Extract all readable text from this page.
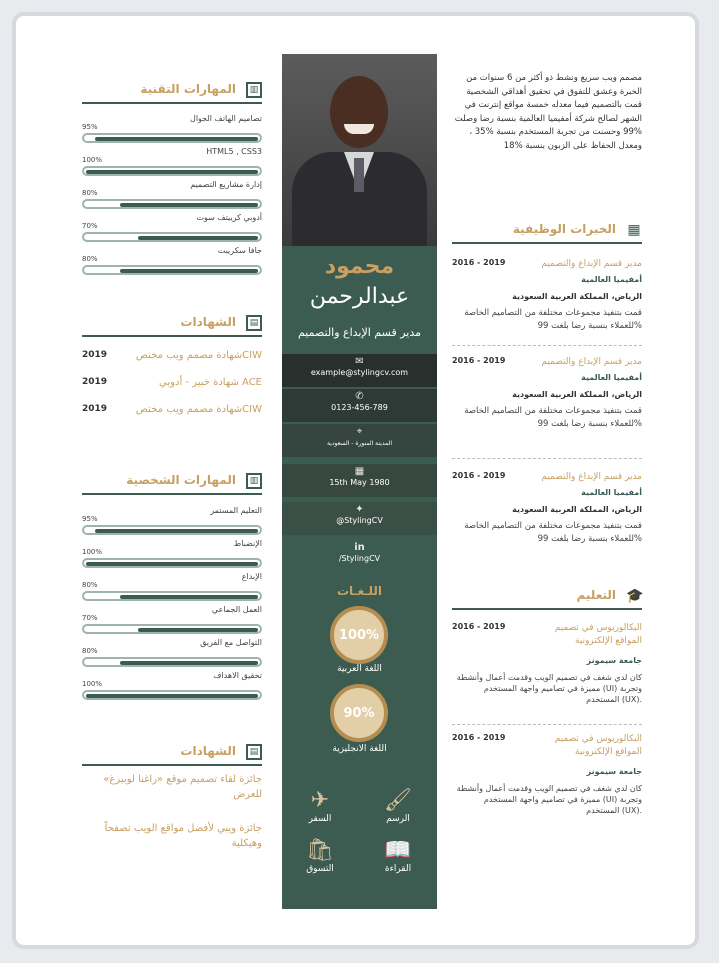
محمود
عبدالرحمن
مدير قسم الإبداع والتصميم
✉
example@stylingcv.com
✆
0123-456-789
⌖
المدينة المنورة - السعودية
▦
15th May 1980
✦
@StylingCV
in
/StylingCV
اللـغـات
100%
اللغة العربية
90%
اللغة الانجليزية
🖌
الرسم
✈
السفر
📖
القراءة
🛍
التسوق
المهارات التقنية	▥
تصاميم الهاتف الجوال
95%
HTML5 , CSS3
100%
إدارة مشاريع التصميم
80%
أدوبي كرييتف سوت
70%
جافا سكريبت
80%
الشهادات	▤
2019	شهادة مصمم ويب مختصCIW
2019	شهادة خبير - أدوبي ACE
2019	شهادة مصمم ويب مختصCIW
المهارات الشخصية	▥
التعليم المستمر
95%
الإنضباط
100%
الإبداع
80%
العمل الجماعي
70%
التواصل مع الفريق
80%
تحقيق الاهداف
100%
الشهادات	▤
جائزة لقاء تصميم موقع «راغنا لوبيرغ» للعرض
جائزة ويبي لأفضل مواقع الويب تصفحاً وهيكلية
مصمم ويب سريع ونشط ذو أكثر من 6 سنوات من الخبرة وعشق للتفوق في تحقيق أهداقي الشخصية قمت بالتصميم فيما معدله خمسة مواقع إنترنت في الشهر لصالح شركة أمفيميا العالمية بنسبة رضا وصلت %99 وحسنت من تجربة المستخدم بنسبة %35 ، ومعدل الحفاظ على الزبون بنسبة %18
الخبرات الوظيفية ▦
2016 - 2019	مدير قسم الإبداع والتصميم
أمفيميا العالمية
الرياض، المملكة العربية السعودية
قمت بتنفيذ مجموعات مختلفة من التصاميم الخاصة للعملاء بنسبة رضا بلغت 99%
2016 - 2019	مدير قسم الإبداع والتصميم
أمفيميا العالمية
الرياض، المملكة العربية السعودية
قمت بتنفيذ مجموعات مختلفة من التصاميم الخاصة للعملاء بنسبة رضا بلغت 99%
2016 - 2019	مدير قسم الإبداع والتصميم
أمفيميا العالمية
الرياض، المملكة العربية السعودية
قمت بتنفيذ مجموعات مختلفة من التصاميم الخاصة للعملاء بنسبة رضا بلغت 99%
التعليم 🎓
2016 - 2019	البكالوريوس في تصميم المواقع الإلكترونية
جامعة سيمونز
كان لدي شغف في تصميم الويب وقدمت أعمال وأنشطة مميزة في تصاميم واجهة المستخدم (UI) وتجربة المستخدم (UX).
2016 - 2019	البكالوريوس في تصميم المواقع الإلكترونية
جامعة سيمونز
كان لدي شغف في تصميم الويب وقدمت أعمال وأنشطة مميزة في تصاميم واجهة المستخدم (UI) وتجربة المستخدم (UX).
